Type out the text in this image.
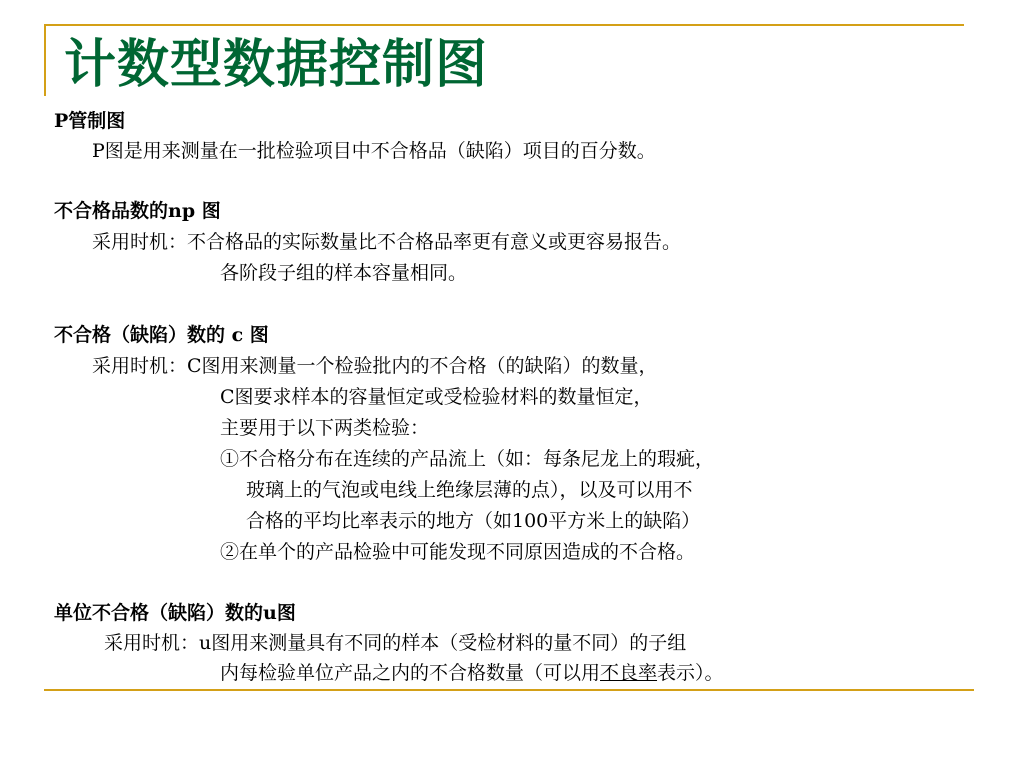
计数型数据控制图
P管制图
P图是用来测量在一批检验项目中不合格品（缺陷）项目的百分数。
不合格品数的np 图
采用时机：不合格品的实际数量比不合格品率更有意义或更容易报告。
各阶段子组的样本容量相同。
不合格（缺陷）数的 c 图
采用时机：C图用来测量一个检验批内的不合格（的缺陷）的数量，
C图要求样本的容量恒定或受检验材料的数量恒定，
主要用于以下两类检验：
①不合格分布在连续的产品流上（如：每条尼龙上的瑕疵，
玻璃上的气泡或电线上绝缘层薄的点），以及可以用不
合格的平均比率表示的地方（如100平方米上的缺陷）
②在单个的产品检验中可能发现不同原因造成的不合格。
单位不合格（缺陷）数的u图
采用时机：u图用来测量具有不同的样本（受检材料的量不同）的子组
内每检验单位产品之内的不合格数量（可以用不良率表示）。
